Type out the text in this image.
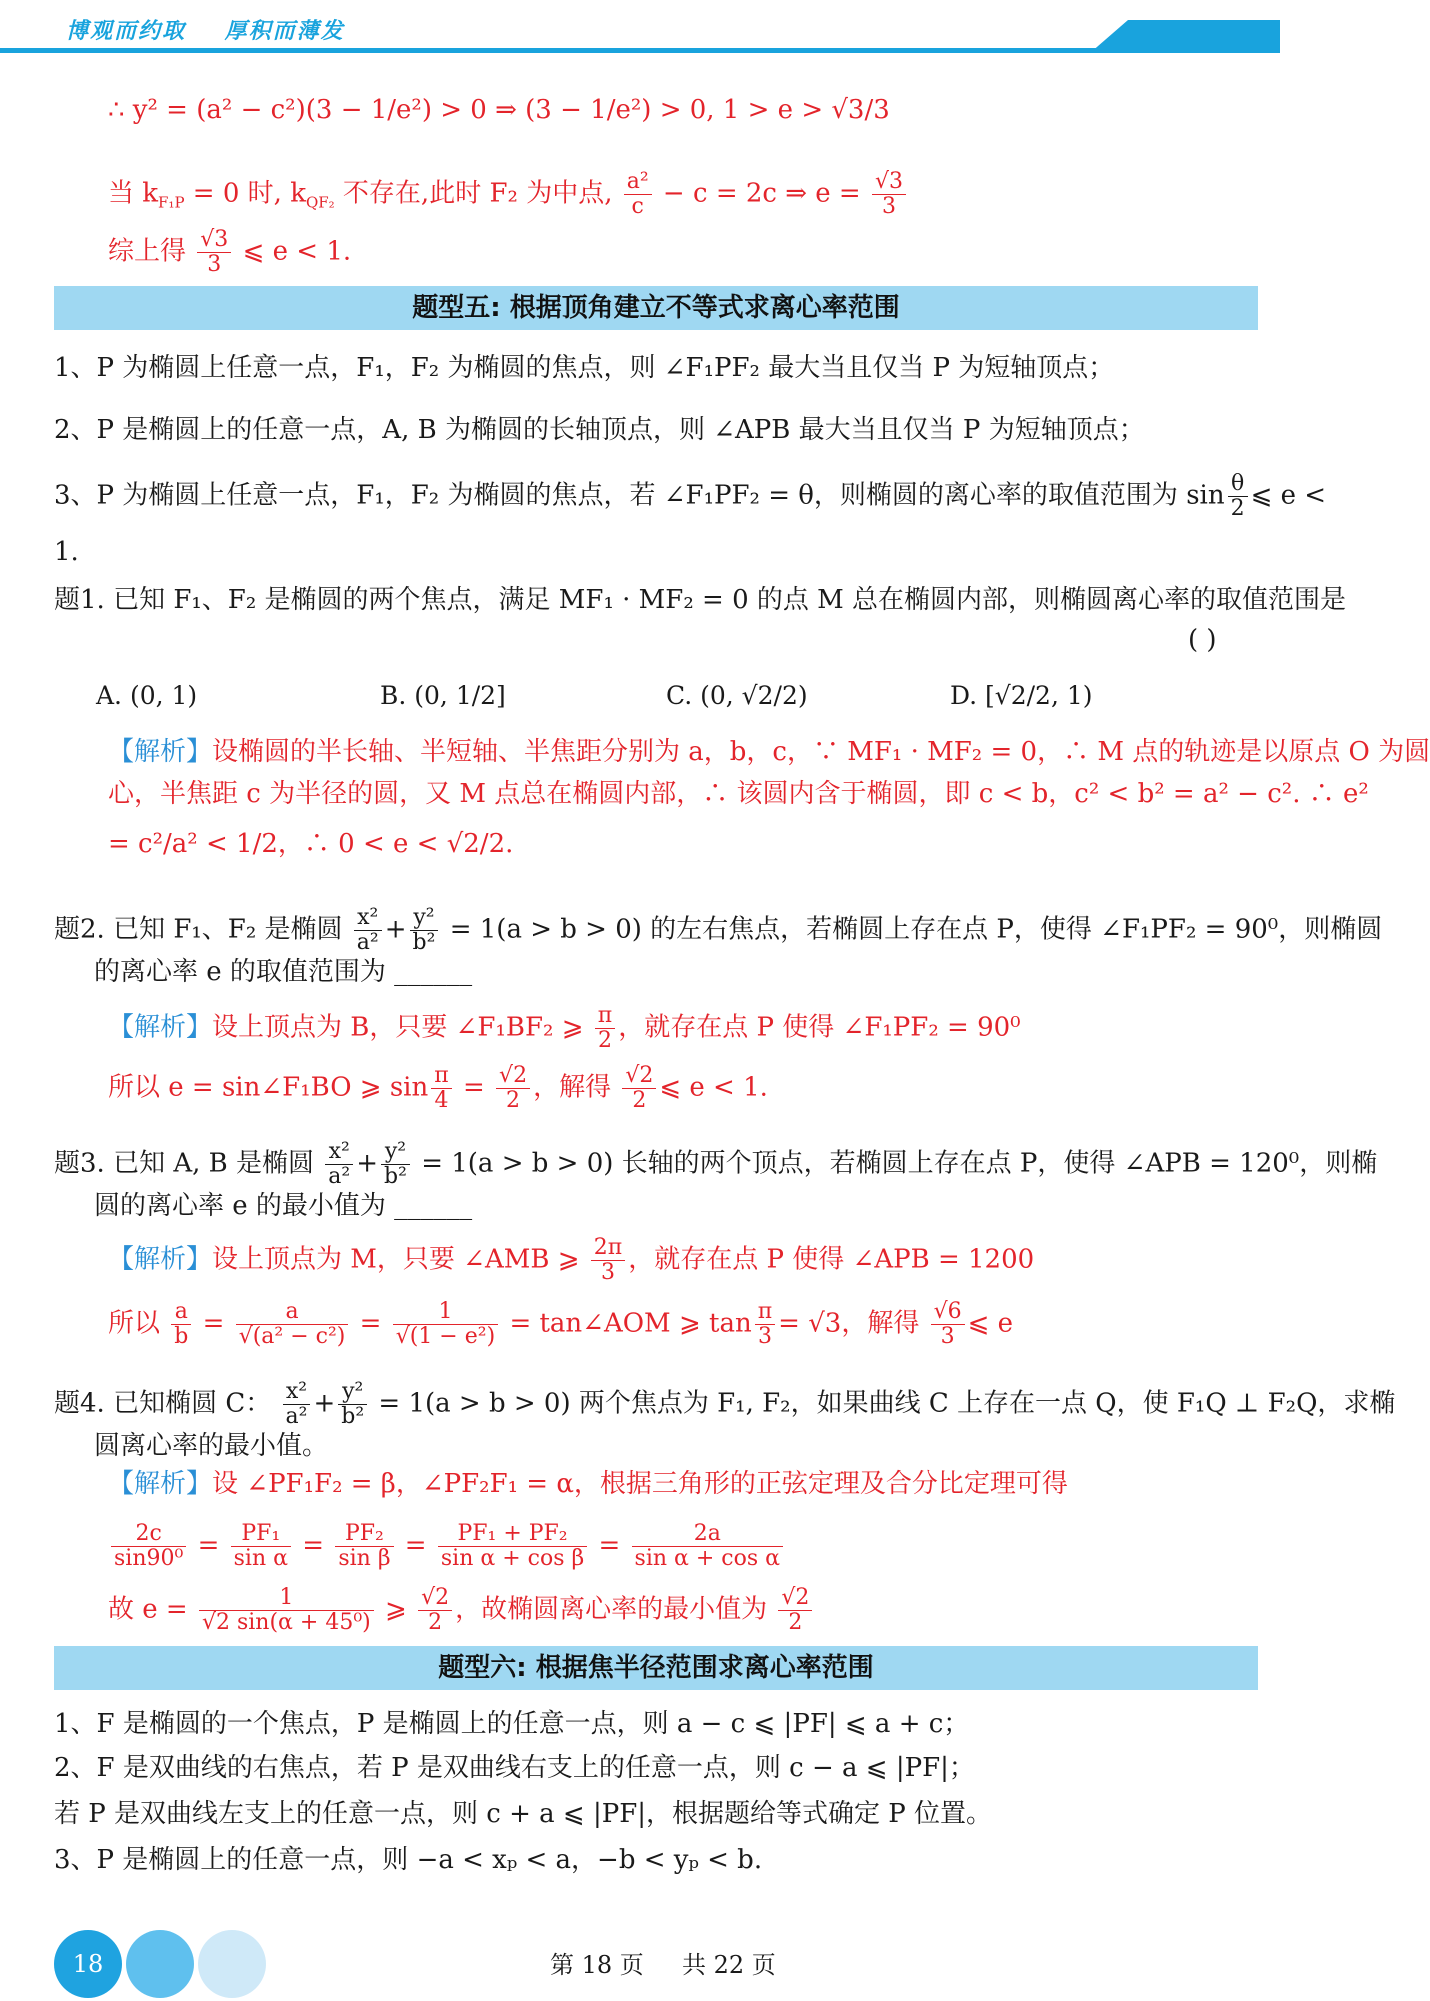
博观而约取    厚积而薄发
∴ y² = (a² − c²)(3 − 1/e²) > 0 ⇒ (3 − 1/e²) > 0, 1 > e > √3/3
当 $k_{F_1P} = 0$ 时, $k_{QF_2}$ 不存在,此时 F₂ 为中点, $\frac{\text{a²}}{c} - c = 2c$ ⇒ $e = \frac{√3}{3}$
综上得 $\frac{√3}{3}$ ⩽ e < 1.
题型五: 根据顶角建立不等式求离心率范围
1、P 为椭圆上任意一点，F₁，F₂ 为椭圆的焦点，则 ∠F₁PF₂ 最大当且仅当 P 为短轴顶点；
2、P 是椭圆上的任意一点，A, B 为椭圆的长轴顶点，则 ∠APB 最大当且仅当 P 为短轴顶点；
3、P 为椭圆上任意一点，F₁，F₂ 为椭圆的焦点，若 ∠F₁PF₂ = θ，则椭圆的离心率的取值范围为 $\sin \frac{\theta}{2}$ ⩽ e <
1.
题1. 已知 F₁、F₂ 是椭圆的两个焦点，满足 MF₁ · MF₂ = 0 的点 M 总在椭圆内部，则椭圆离心率的取值范围是
( )
A. (0, 1)	B. (0, 1/2]	C. (0, √2/2)	D. [√2/2, 1)
【解析】设椭圆的半长轴、半短轴、半焦距分别为 a，b，c，∵ MF₁ · MF₂ = 0，∴ M 点的轨迹是以原点 O 为圆
心，半焦距 c 为半径的圆，又 M 点总在椭圆内部，∴ 该圆内含于椭圆，即 c < b，c² < b² = a² − c². ∴ e²
= c²/a² < 1/2，∴ 0 < e < √2/2.
题2. 已知 F₁、F₂ 是椭圆 $\frac{\text{x²}}{\text{a²}} + \frac{\text{y²}}{\text{b²}} = 1(a > b > 0)$ 的左右焦点，若椭圆上存在点 P，使得 ∠F₁PF₂ = 90⁰，则椭圆
的离心率 e 的取值范围为 ______
【解析】设上顶点为 B，只要 ∠F₁BF₂ ⩾ $\frac{\pi}{2}$ ，就存在点 P 使得 ∠F₁PF₂ = 90⁰
所以 e = sin∠F₁BO ⩾ $\sin \frac{\pi}{4} = \frac{√2}{2}$ ，解得 $\frac{√2}{2}$ ⩽ e < 1.
题3. 已知 A, B 是椭圆 $\frac{\text{x²}}{\text{a²}} + \frac{\text{y²}}{\text{b²}} = 1(a > b > 0)$ 长轴的两个顶点，若椭圆上存在点 P，使得 ∠APB = 120⁰，则椭
圆的离心率 e 的最小值为 ______
【解析】设上顶点为 M，只要 ∠AMB ⩾ $\frac{2\pi}{3}$ ，就存在点 P 使得 ∠APB = 1200
所以 $\frac{a}{b} = \frac{a}{\text{√(a² − c²)}} = \frac{1}{\text{√(1 − e²)}}$ = tan∠AOM ⩾ $\tan \frac{\pi}{3} = √3$，解得 $\frac{√6}{3}$ ⩽ e
题4. 已知椭圆 C： $\frac{\text{x²}}{\text{a²}} + \frac{\text{y²}}{\text{b²}} = 1(a > b > 0)$ 两个焦点为 F₁, F₂，如果曲线 C 上存在一点 Q，使 F₁Q ⊥ F₂Q，求椭
圆离心率的最小值。
【解析】设 ∠PF₁F₂ = β，∠PF₂F₁ = α，根据三角形的正弦定理及合分比定理可得
$\frac{2c}{\text{sin90⁰}} = \frac{\text{PF₁}}{\text{sin α}} = \frac{\text{PF₂}}{\text{sin β}} = \frac{\text{PF₁ + PF₂}}{\text{sin α + cos β}} = \frac{2a}{\text{sin α + cos α}}$
故 $e = \frac{1}{\text{√2 sin(α + 45⁰)}}$ ⩾ $\frac{√2}{2}$ ，故椭圆离心率的最小值为 $\frac{√2}{2}$
题型六: 根据焦半径范围求离心率范围
1、F 是椭圆的一个焦点，P 是椭圆上的任意一点，则 a − c ⩽ |PF| ⩽ a + c；
2、F 是双曲线的右焦点，若 P 是双曲线右支上的任意一点，则 c − a ⩽ |PF|；
若 P 是双曲线左支上的任意一点，则 c + a ⩽ |PF|，根据题给等式确定 P 位置。
3、P 是椭圆上的任意一点，则 −a < xₚ < a，−b < yₚ < b.
18	第 18 页     共 22 页
